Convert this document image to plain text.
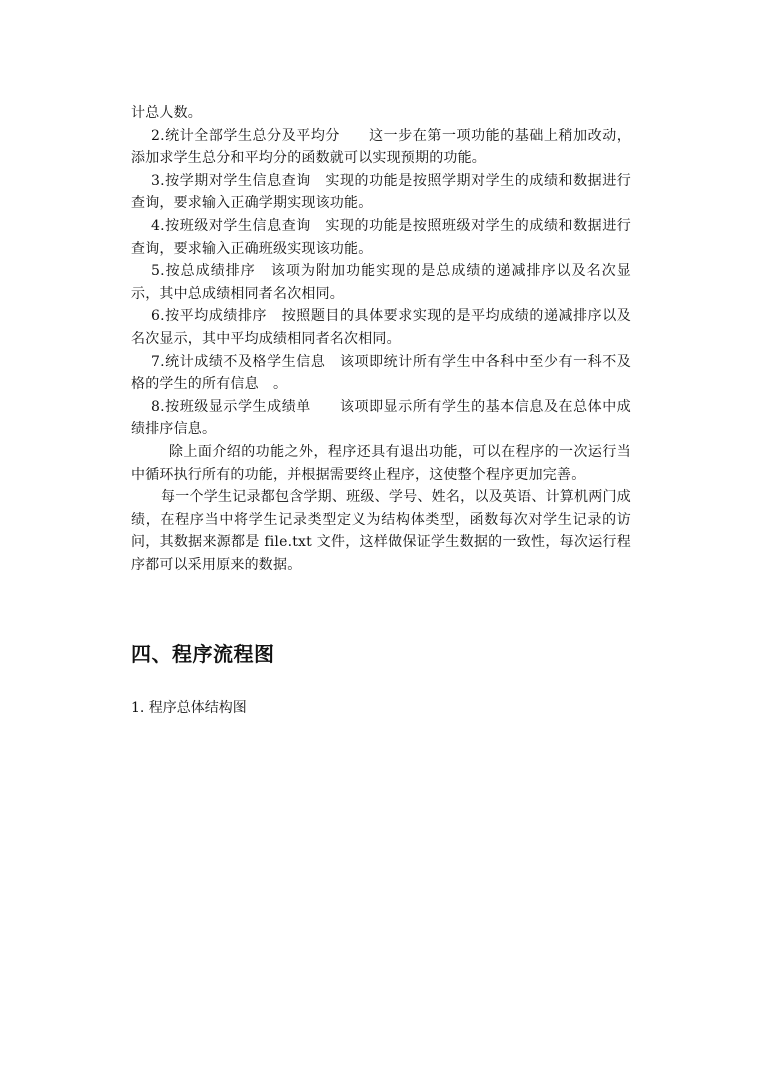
计总人数。

2.统计全部学生总分及平均分　　这一步在第一项功能的基础上稍加改动，添加求学生总分和平均分的函数就可以实现预期的功能。

3.按学期对学生信息查询　实现的功能是按照学期对学生的成绩和数据进行查询，要求输入正确学期实现该功能。

4.按班级对学生信息查询　实现的功能是按照班级对学生的成绩和数据进行查询，要求输入正确班级实现该功能。

5.按总成绩排序　该项为附加功能实现的是总成绩的递减排序以及名次显示，其中总成绩相同者名次相同。

6.按平均成绩排序　按照题目的具体要求实现的是平均成绩的递减排序以及名次显示，其中平均成绩相同者名次相同。

7.统计成绩不及格学生信息　该项即统计所有学生中各科中至少有一科不及格的学生的所有信息　。

8.按班级显示学生成绩单　　该项即显示所有学生的基本信息及在总体中成绩排序信息。

除上面介绍的功能之外，程序还具有退出功能，可以在程序的一次运行当中循环执行所有的功能，并根据需要终止程序，这使整个程序更加完善。

每一个学生记录都包含学期、班级、学号、姓名，以及英语、计算机两门成绩，在程序当中将学生记录类型定义为结构体类型，函数每次对学生记录的访问，其数据来源都是 file.txt 文件，这样做保证学生数据的一致性，每次运行程序都可以采用原来的数据。

四、程序流程图
1. 程序总体结构图
